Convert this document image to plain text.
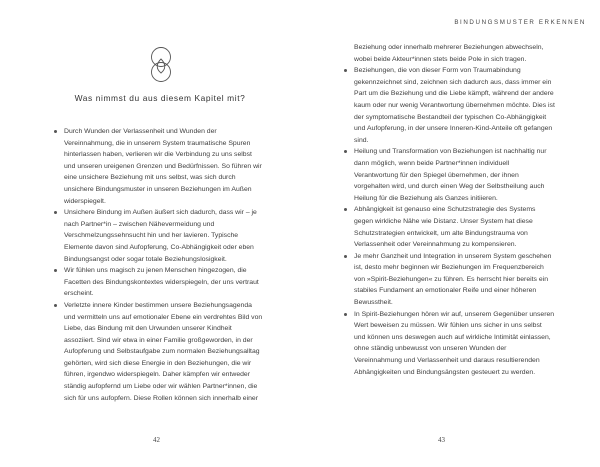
Was nimmst du aus diesem Kapitel mit?
Durch Wunden der Verlassenheit und Wunden der Vereinnahmung, die in unserem System traumatische Spuren hinterlassen haben, verlieren wir die Verbindung zu uns selbst und unseren ureigenen Grenzen und Bedürfnissen. So führen wir eine unsichere Beziehung mit uns selbst, was sich durch unsichere Bindungsmuster in unseren Beziehungen im Außen widerspiegelt.
Unsichere Bindung im Außen äußert sich dadurch, dass wir – je nach Partner*in – zwischen Nähevermeidung und Verschmelzungssehnsucht hin und her lavieren. Typische Elemente davon sind Aufopferung, Co-Abhängigkeit oder eben Bindungsangst oder sogar totale Beziehungslosigkeit.
Wir fühlen uns magisch zu jenen Menschen hingezogen, die Facetten des Bindungskontextes widerspiegeln, der uns vertraut erscheint.
Verletzte innere Kinder bestimmen unsere Beziehungsagenda und vermitteln uns auf emotionaler Ebene ein verdrehtes Bild von Liebe, das Bindung mit den Urwunden unserer Kindheit assoziiert. Sind wir etwa in einer Familie großgeworden, in der Aufopferung und Selbstaufgabe zum normalen Beziehungsalltag gehörten, wird sich diese Energie in den Beziehungen, die wir führen, irgendwo widerspiegeln. Daher kämpfen wir entweder ständig aufopfernd um Liebe oder wir wählen Partner*innen, die sich für uns aufopfern. Diese Rollen können sich innerhalb einer
42
BINDUNGSMUSTER ERKENNEN
Beziehung oder innerhalb mehrerer Beziehungen abwechseln, wobei beide Akteur*innen stets beide Pole in sich tragen.
Beziehungen, die von dieser Form von Traumabindung gekennzeichnet sind, zeichnen sich dadurch aus, dass immer ein Part um die Beziehung und die Liebe kämpft, während der andere kaum oder nur wenig Verantwortung übernehmen möchte. Dies ist der symptomatische Bestandteil der typischen Co-Abhängigkeit und Aufopferung, in der unsere Inneren-Kind-Anteile oft gefangen sind.
Heilung und Transformation von Beziehungen ist nachhaltig nur dann möglich, wenn beide Partner*innen individuell Verantwortung für den Spiegel übernehmen, der ihnen vorgehalten wird, und durch einen Weg der Selbstheilung auch Heilung für die Beziehung als Ganzes initiieren.
Abhängigkeit ist genauso eine Schutzstrategie des Systems gegen wirkliche Nähe wie Distanz. Unser System hat diese Schutzstrategien entwickelt, um alte Bindungstrauma von Verlassenheit oder Vereinnahmung zu kompensieren.
Je mehr Ganzheit und Integration in unserem System geschehen ist, desto mehr beginnen wir Beziehungen im Frequenzbereich von »Spirit-Beziehungen« zu führen. Es herrscht hier bereits ein stabiles Fundament an emotionaler Reife und einer höheren Bewusstheit.
In Spirit-Beziehungen hören wir auf, unserem Gegenüber unseren Wert beweisen zu müssen. Wir fühlen uns sicher in uns selbst und können uns deswegen auch auf wirkliche Intimität einlassen, ohne ständig unbewusst von unseren Wunden der Vereinnahmung und Verlassenheit und daraus resultierenden Abhängigkeiten und Bindungsängsten gesteuert zu werden.
43
